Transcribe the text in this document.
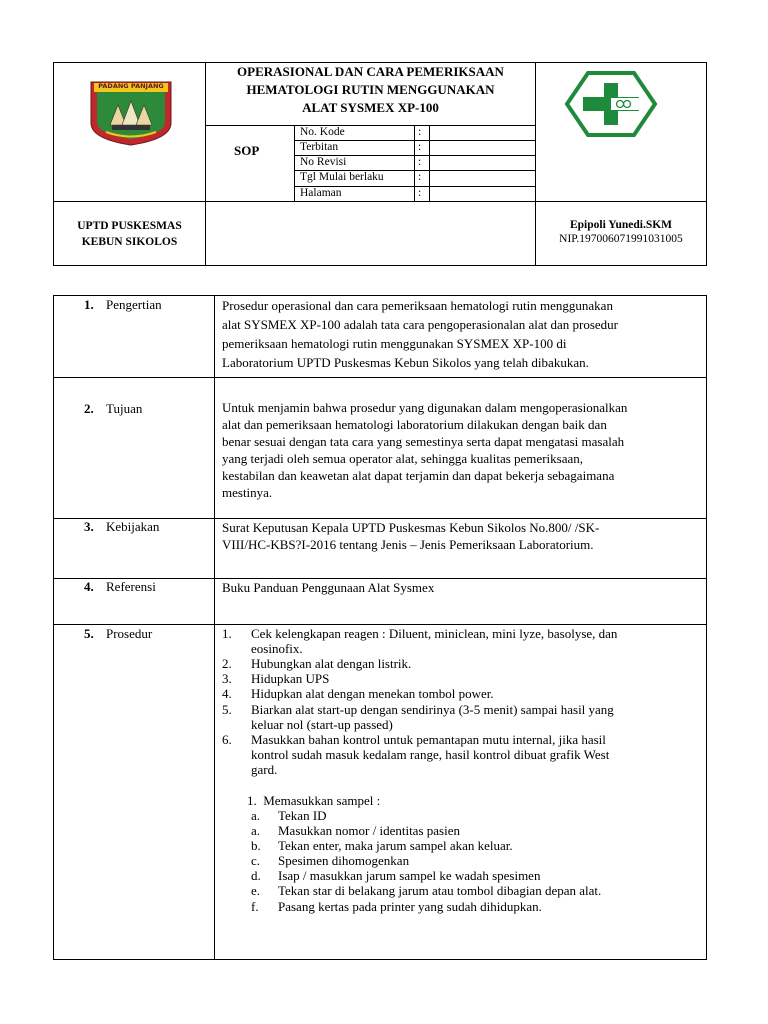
PADANG PANJANG
OPERASIONAL DAN CARA PEMERIKSAAN
HEMATOLOGI RUTIN MENGGUNAKAN
ALAT SYSMEX XP-100
SOP
No. Kode	:
Terbitan	:
No Revisi	:
Tgl Mulai berlaku	:
Halaman	:
UPTD PUSKESMAS
KEBUN SIKOLOS
Epipoli Yunedi.SKM
NIP.197006071991031005
1. Pengertian	Prosedur operasional dan cara pemeriksaan hematologi rutin menggunakan
alat SYSMEX XP-100 adalah tata cara pengoperasionalan alat dan prosedur
pemeriksaan hematologi rutin menggunakan SYSMEX XP-100 di
Laboratorium UPTD Puskesmas Kebun Sikolos yang telah dibakukan.
2. Tujuan	Untuk menjamin bahwa prosedur yang digunakan dalam mengoperasionalkan
alat dan pemeriksaan hematologi laboratorium dilakukan dengan baik dan
benar sesuai dengan tata cara yang semestinya serta dapat mengatasi masalah
yang terjadi oleh semua operator alat, sehingga kualitas pemeriksaan,
kestabilan dan keawetan alat dapat terjamin dan dapat bekerja sebagaimana
mestinya.
3. Kebijakan	Surat Keputusan Kepala UPTD Puskesmas Kebun Sikolos No.800/ /SK-
VIII/HC-KBS?I-2016 tentang Jenis – Jenis Pemeriksaan Laboratorium.
4. Referensi	Buku Panduan Penggunaan Alat Sysmex
5. Prosedur	1. Cek kelengkapan reagen : Diluent, miniclean, mini lyze, basolyse, dan
eosinofix.
2. Hubungkan alat dengan listrik.
3. Hidupkan UPS
4. Hidupkan alat dengan menekan tombol power.
5. Biarkan alat start-up dengan sendirinya (3-5 menit) sampai hasil yang
keluar nol (start-up passed)
6. Masukkan bahan kontrol untuk pemantapan mutu internal, jika hasil
kontrol sudah masuk kedalam range, hasil kontrol dibuat grafik West
gard.
1.  Memasukkan sampel :
a. Tekan ID
a. Masukkan nomor / identitas pasien
b. Tekan enter, maka jarum sampel akan keluar.
c. Spesimen dihomogenkan
d. Isap / masukkan jarum sampel ke wadah spesimen
e. Tekan star di belakang jarum atau tombol dibagian depan alat.
f. Pasang kertas pada printer yang sudah dihidupkan.
